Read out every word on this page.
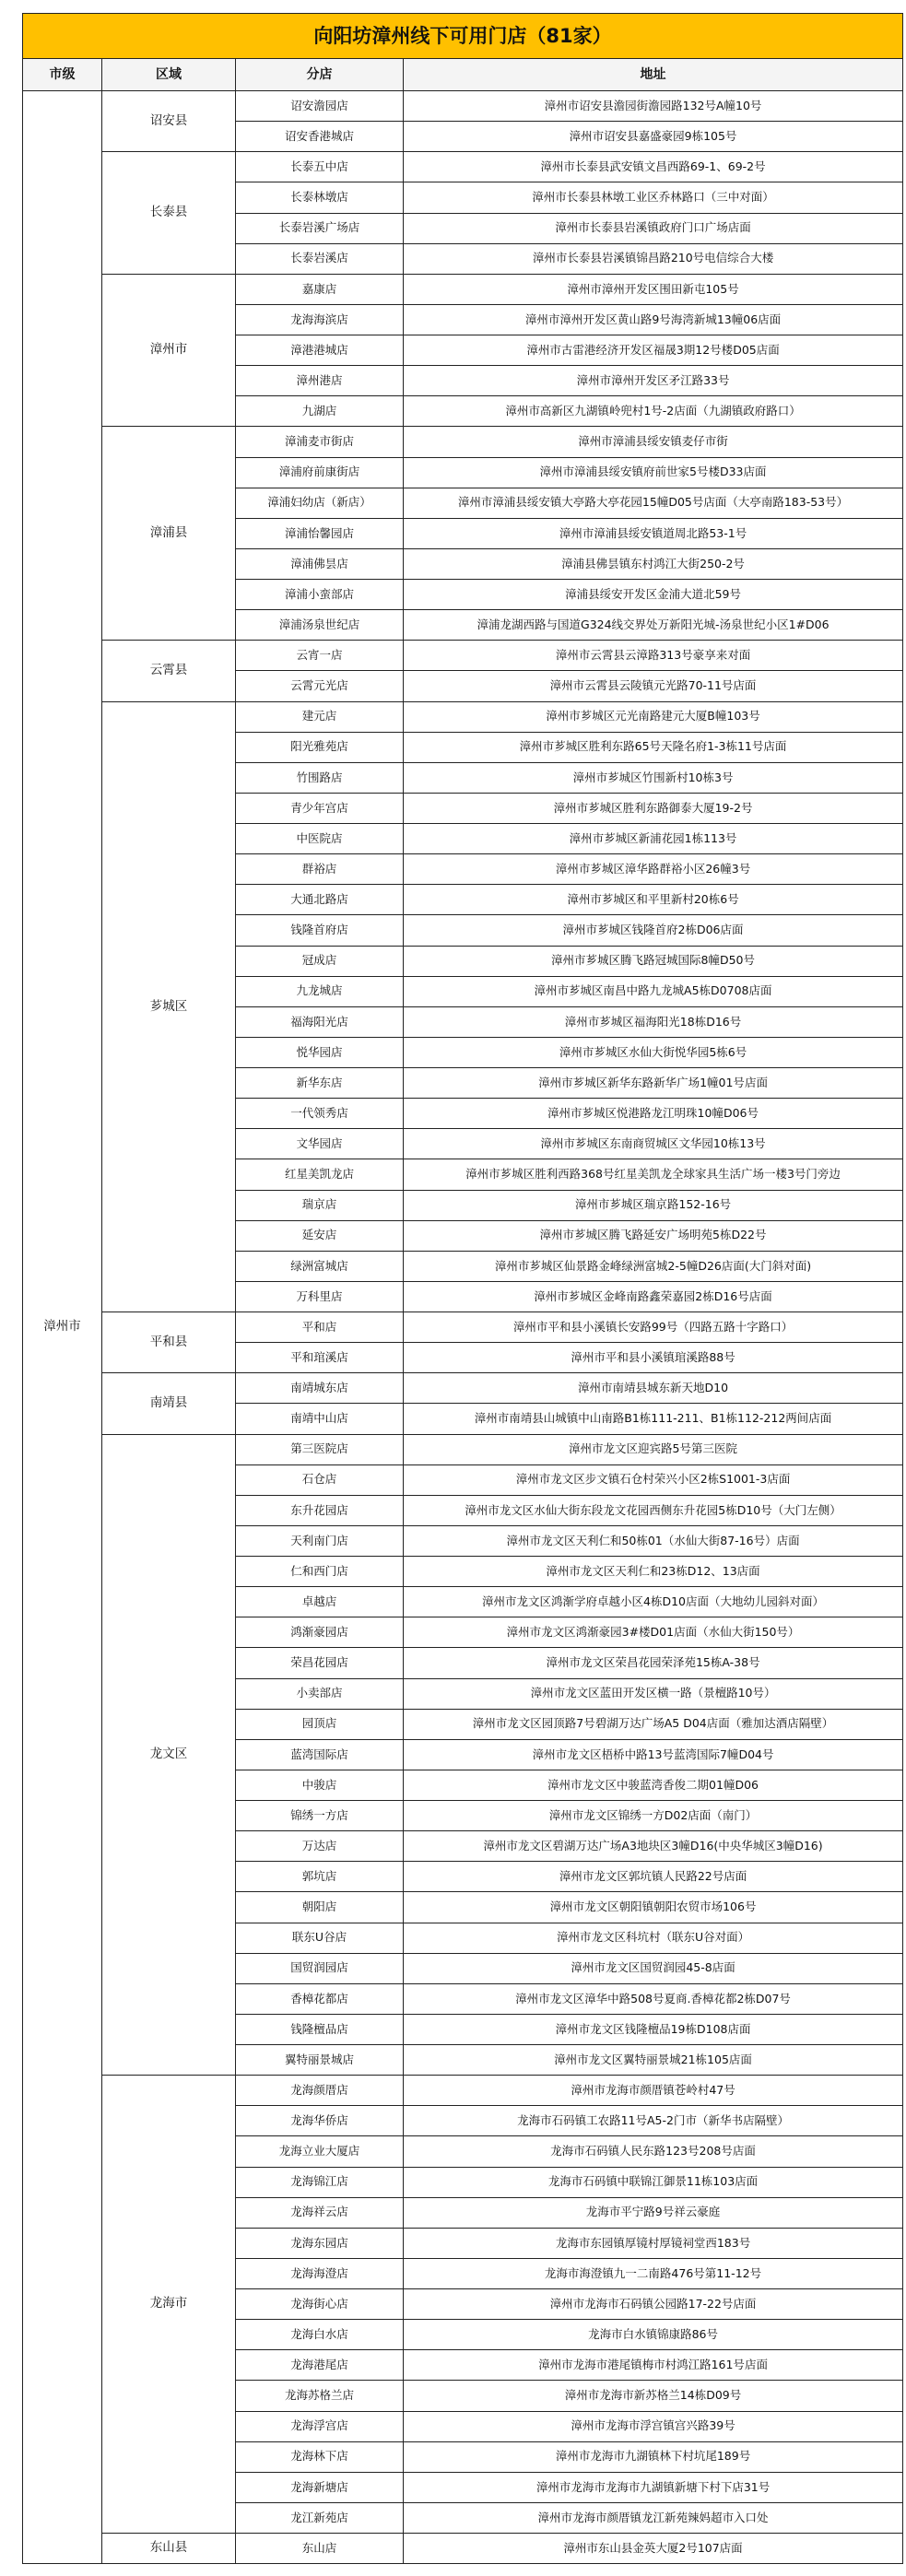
向阳坊漳州线下可用门店（81家）			
市级	区域	分店	地址
漳州市	诏安县	诏安澹园店	漳州市诏安县澹园街澹园路132号A幢10号
		诏安香港城店	漳州市诏安县嘉盛豪园9栋105号
	长泰县	长泰五中店	漳州市长泰县武安镇文昌西路69-1、69-2号
		长泰林墩店	漳州市长泰县林墩工业区乔林路口（三中对面）
		长泰岩溪广场店	漳州市长泰县岩溪镇政府门口广场店面
		长泰岩溪店	漳州市长泰县岩溪镇锦昌路210号电信综合大楼
	漳州市	嘉康店	漳州市漳州开发区围田新屯105号
		龙海海滨店	漳州市漳州开发区黄山路9号海湾新城13幢06店面
		漳港港城店	漳州市古雷港经济开发区福晟3期12号楼D05店面
		漳州港店	漳州市漳州开发区矛江路33号
		九湖店	漳州市高新区九湖镇岭兜村1号-2店面（九湖镇政府路口）
	漳浦县	漳浦麦市街店	漳州市漳浦县绥安镇麦仔市街
		漳浦府前康街店	漳州市漳浦县绥安镇府前世家5号楼D33店面
		漳浦妇幼店（新店）	漳州市漳浦县绥安镇大亭路大亭花园15幢D05号店面（大亭南路183-53号）
		漳浦怡馨园店	漳州市漳浦县绥安镇道周北路53-1号
		漳浦佛昙店	漳浦县佛昙镇东村鸿江大街250-2号
		漳浦小蛮部店	漳浦县绥安开发区金浦大道北59号
		漳浦汤泉世纪店	漳浦龙湖西路与国道G324线交界处万新阳光城-汤泉世纪小区1#D06
	云霄县	云宵一店	漳州市云霄县云漳路313号豪享来对面
		云霄元光店	漳州市云霄县云陵镇元光路70-11号店面
	芗城区	建元店	漳州市芗城区元光南路建元大厦B幢103号
		阳光雅苑店	漳州市芗城区胜利东路65号天隆名府1-3栋11号店面
		竹围路店	漳州市芗城区竹围新村10栋3号
		青少年宫店	漳州市芗城区胜利东路御泰大厦19-2号
		中医院店	漳州市芗城区新浦花园1栋113号
		群裕店	漳州市芗城区漳华路群裕小区26幢3号
		大通北路店	漳州市芗城区和平里新村20栋6号
		钱隆首府店	漳州市芗城区钱隆首府2栋D06店面
		冠成店	漳州市芗城区腾飞路冠城国际8幢D50号
		九龙城店	漳州市芗城区南昌中路九龙城A5栋D0708店面
		福海阳光店	漳州市芗城区福海阳光18栋D16号
		悦华园店	漳州市芗城区水仙大街悦华园5栋6号
		新华东店	漳州市芗城区新华东路新华广场1幢01号店面
		一代领秀店	漳州市芗城区悦港路龙江明珠10幢D06号
		文华园店	漳州市芗城区东南商贸城区文华园10栋13号
		红星美凯龙店	漳州市芗城区胜利西路368号红星美凯龙全球家具生活广场一楼3号门旁边
		瑞京店	漳州市芗城区瑞京路152-16号
		延安店	漳州市芗城区腾飞路延安广场明苑5栋D22号
		绿洲富城店	漳州市芗城区仙景路金峰绿洲富城2-5幢D26店面(大门斜对面)
		万科里店	漳州市芗城区金峰南路鑫荣嘉园2栋D16号店面
	平和县	平和店	漳州市平和县小溪镇长安路99号（四路五路十字路口）
		平和琯溪店	漳州市平和县小溪镇琯溪路88号
	南靖县	南靖城东店	漳州市南靖县城东新天地D10
		南靖中山店	漳州市南靖县山城镇中山南路B1栋111-211、B1栋112-212两间店面
	龙文区	第三医院店	漳州市龙文区迎宾路5号第三医院
		石仓店	漳州市龙文区步文镇石仓村荣兴小区2栋S1001-3店面
		东升花园店	漳州市龙文区水仙大街东段龙文花园西侧东升花园5栋D10号（大门左侧）
		天利南门店	漳州市龙文区天利仁和50栋01（水仙大街87-16号）店面
		仁和西门店	漳州市龙文区天利仁和23栋D12、13店面
		卓越店	漳州市龙文区鸿渐学府卓越小区4栋D10店面（大地幼儿园斜对面）
		鸿渐豪园店	漳州市龙文区鸿渐豪园3#楼D01店面（水仙大街150号）
		荣昌花园店	漳州市龙文区荣昌花园荣泽苑15栋A-38号
		小卖部店	漳州市龙文区蓝田开发区横一路（景檀路10号）
		园顶店	漳州市龙文区园顶路7号碧湖万达广场A5 D04店面（雅加达酒店隔壁）
		蓝湾国际店	漳州市龙文区梧桥中路13号蓝湾国际7幢D04号
		中骏店	漳州市龙文区中骏蓝湾香俊二期01幢D06
		锦绣一方店	漳州市龙文区锦绣一方D02店面（南门）
		万达店	漳州市龙文区碧湖万达广场A3地块区3幢D16(中央华城区3幢D16)
		郭坑店	漳州市龙文区郭坑镇人民路22号店面
		朝阳店	漳州市龙文区朝阳镇朝阳农贸市场106号
		联东U谷店	漳州市龙文区科坑村（联东U谷对面）
		国贸润园店	漳州市龙文区国贸润园45-8店面
		香樟花都店	漳州市龙文区漳华中路508号夏商.香樟花都2栋D07号
		钱隆檀品店	漳州市龙文区钱隆檀品19栋D108店面
		翼特丽景城店	漳州市龙文区翼特丽景城21栋105店面
	龙海市	龙海颜厝店	漳州市龙海市颜厝镇苍岭村47号
		龙海华侨店	龙海市石码镇工农路11号A5-2门市（新华书店隔壁）
		龙海立业大厦店	龙海市石码镇人民东路123号208号店面
		龙海锦江店	龙海市石码镇中联锦江御景11栋103店面
		龙海祥云店	龙海市平宁路9号祥云豪庭
		龙海东园店	龙海市东园镇厚镜村厚镜祠堂西183号
		龙海海澄店	龙海市海澄镇九一二南路476号第11-12号
		龙海街心店	漳州市龙海市石码镇公园路17-22号店面
		龙海白水店	龙海市白水镇锦康路86号
		龙海港尾店	漳州市龙海市港尾镇梅市村鸿江路161号店面
		龙海苏格兰店	漳州市龙海市新苏格兰14栋D09号
		龙海浮宫店	漳州市龙海市浮宫镇宫兴路39号
		龙海林下店	漳州市龙海市九湖镇林下村坑尾189号
		龙海新塘店	漳州市龙海市龙海市九湖镇新塘下村下店31号
		龙江新苑店	漳州市龙海市颜厝镇龙江新苑辣妈超市入口处
	东山县	东山店	漳州市东山县金英大厦2号107店面
